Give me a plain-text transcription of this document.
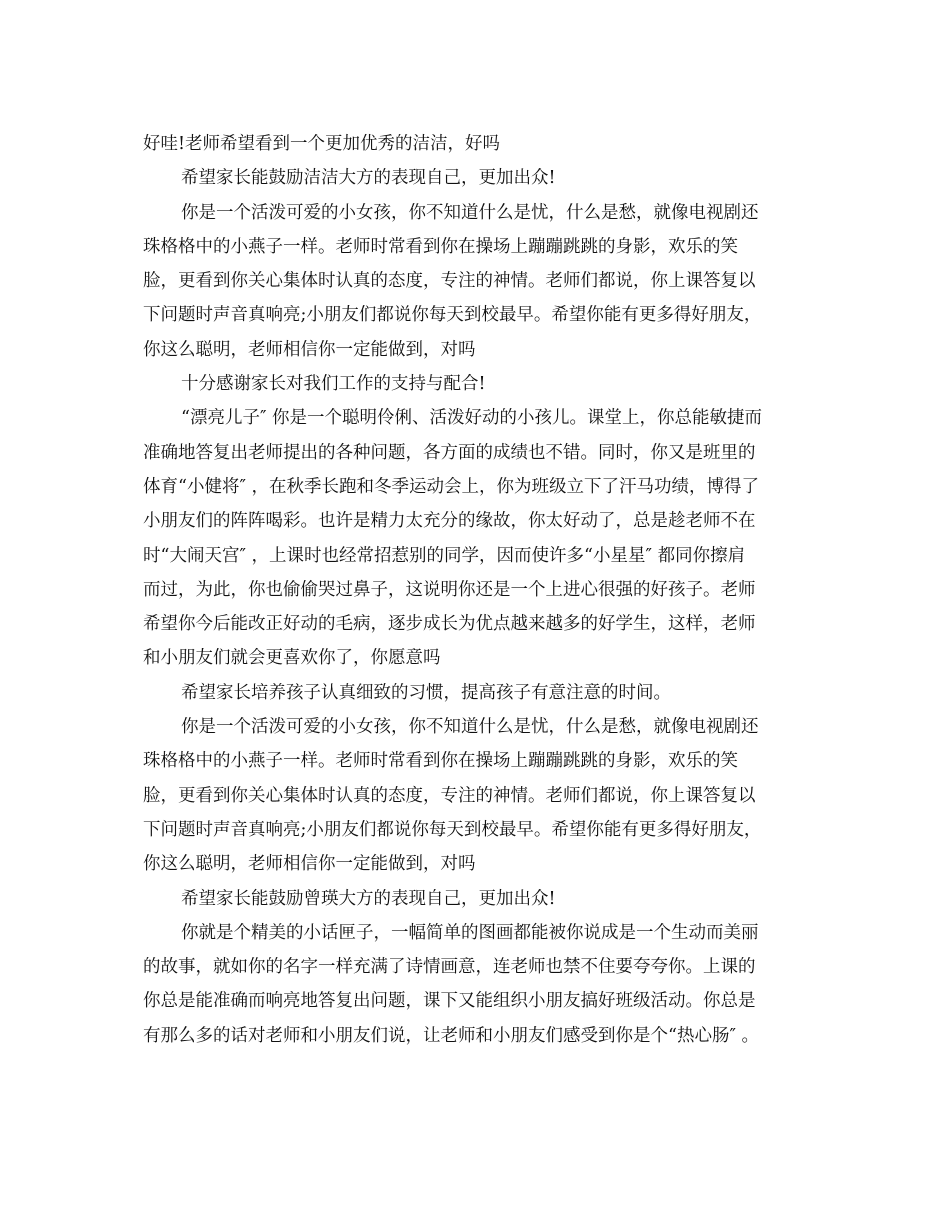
好哇!老师希望看到一个更加优秀的洁洁，好吗
希望家长能鼓励洁洁大方的表现自己，更加出众!
你是一个活泼可爱的小女孩，你不知道什么是忧，什么是愁，就像电视剧还
珠格格中的小燕子一样。老师时常看到你在操场上蹦蹦跳跳的身影，欢乐的笑
脸，更看到你关心集体时认真的态度，专注的神情。老师们都说，你上课答复以
下问题时声音真响亮;小朋友们都说你每天到校最早。希望你能有更多得好朋友，
你这么聪明，老师相信你一定能做到，对吗
十分感谢家长对我们工作的支持与配合!
“漂亮儿子″ 你是一个聪明伶俐、活泼好动的小孩儿。课堂上，你总能敏捷而
准确地答复出老师提出的各种问题，各方面的成绩也不错。同时，你又是班里的
体育“小健将″ ，在秋季长跑和冬季运动会上，你为班级立下了汗马功绩，博得了
小朋友们的阵阵喝彩。也许是精力太充分的缘故，你太好动了，总是趁老师不在
时“大闹天宫″ ，上课时也经常招惹别的同学，因而使许多“小星星″ 都同你擦肩
而过，为此，你也偷偷哭过鼻子，这说明你还是一个上进心很强的好孩子。老师
希望你今后能改正好动的毛病，逐步成长为优点越来越多的好学生，这样，老师
和小朋友们就会更喜欢你了，你愿意吗
希望家长培养孩子认真细致的习惯，提高孩子有意注意的时间。
你是一个活泼可爱的小女孩，你不知道什么是忧，什么是愁，就像电视剧还
珠格格中的小燕子一样。老师时常看到你在操场上蹦蹦跳跳的身影，欢乐的笑
脸，更看到你关心集体时认真的态度，专注的神情。老师们都说，你上课答复以
下问题时声音真响亮;小朋友们都说你每天到校最早。希望你能有更多得好朋友，
你这么聪明，老师相信你一定能做到，对吗
希望家长能鼓励曾瑛大方的表现自己，更加出众!
你就是个精美的小话匣子，一幅简单的图画都能被你说成是一个生动而美丽
的故事，就如你的名字一样充满了诗情画意，连老师也禁不住要夸夸你。上课的
你总是能准确而响亮地答复出问题，课下又能组织小朋友搞好班级活动。你总是
有那么多的话对老师和小朋友们说，让老师和小朋友们感受到你是个“热心肠″ 。
